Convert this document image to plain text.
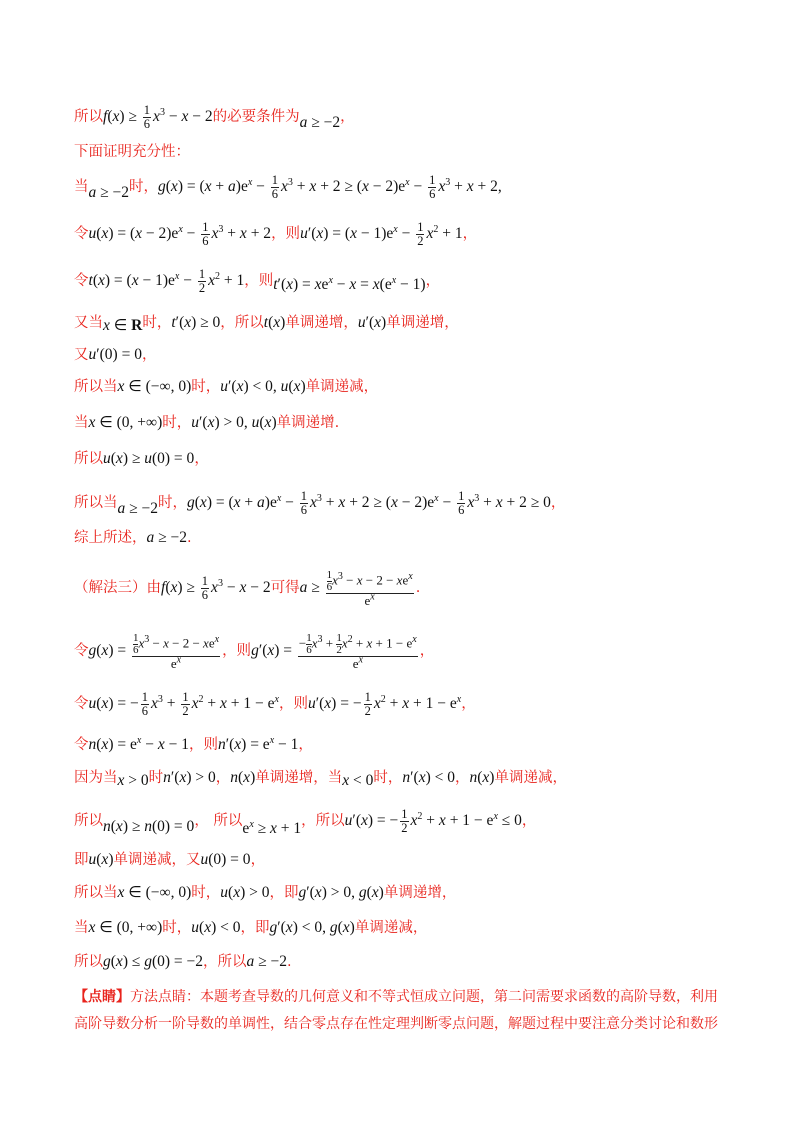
所以$f(x) \ge \frac{1}{6} x^3 - x - 2$的必要条件为a ≥ −2，
下面证明充分性：
当a ≥ −2时，$g(x) = (x + a)e^x - \frac{1}{6} x^3 + x + 2 \ge (x - 2)e^x - \frac{1}{6} x^3 + x + 2$,
令$u(x) = (x - 2)e^x - \frac{1}{6} x^3 + x + 2$，则$u'(x) = (x - 1)e^x - \frac{1}{2} x^2 + 1$，
令$t(x) = (x - 1)e^x - \frac{1}{2} x^2 + 1$，则$t'(x) = xe^x - x = x(e^x - 1)$，
又当x ∈ R时，t′(x) ≥ 0，所以t(x)单调递增，u′(x)单调递增，
又u′(0) = 0，
所以当x ∈ (−∞, 0)时，u′(x) < 0, u(x)单调递减，
当x ∈ (0, +∞)时，u′(x) > 0, u(x)单调递增.
所以u(x) ≥ u(0) = 0，
所以当a ≥ −2时，$g(x) = (x + a)e^x - \frac{1}{6} x^3 + x + 2 \ge (x - 2)e^x - \frac{1}{6} x^3 + x + 2 \ge 0$，
综上所述，a ≥ −2.
（解法三）由$f(x) \ge \frac{1}{6} x^3 - x - 2$可得$a \ge \frac{\frac{1}{6} x^3 - x - 2 - xe^x}{e^x}$ .
令$g(x) = \frac{\frac{1}{6} x^3 - x - 2 - xe^x}{e^x}$ ，则$g'(x) = \frac{- \frac{1}{6} x^3 + \frac{1}{2} x^2 + x + 1 - e^x}{e^x}$ ，
令u(x) = − $\frac{1}{6} x^3 + \frac{1}{2} x^2 + x + 1 - e^x$，则u′(x) = − $\frac{1}{2} x^2 + x + 1 - e^x$，
令$n(x) = e^x - x - 1$，则$n'(x) = e^x - 1$，
因为当x > 0时n′(x) > 0，n(x)单调递增，当x < 0时，n′(x) < 0，n(x)单调递减，
所以n(x) ≥ n(0) = 0， 所以$e^x \ge x + 1$，所以u′(x) = − $\frac{1}{2} x^2 + x + 1 - e^x \le 0$，
即u(x)单调递减，又u(0) = 0，
所以当x ∈ (−∞, 0)时，u(x) > 0，即g′(x) > 0, g(x)单调递增，
当x ∈ (0, +∞)时，u(x) < 0，即g′(x) < 0, g(x)单调递减，
所以g(x) ≤ g(0) = −2，所以a ≥ −2.
【点睛】方法点睛：本题考查导数的几何意义和不等式恒成立问题，第二问需要求函数的高阶导数，利用
高阶导数分析一阶导数的单调性，结合零点存在性定理判断零点问题，解题过程中要注意分类讨论和数形
